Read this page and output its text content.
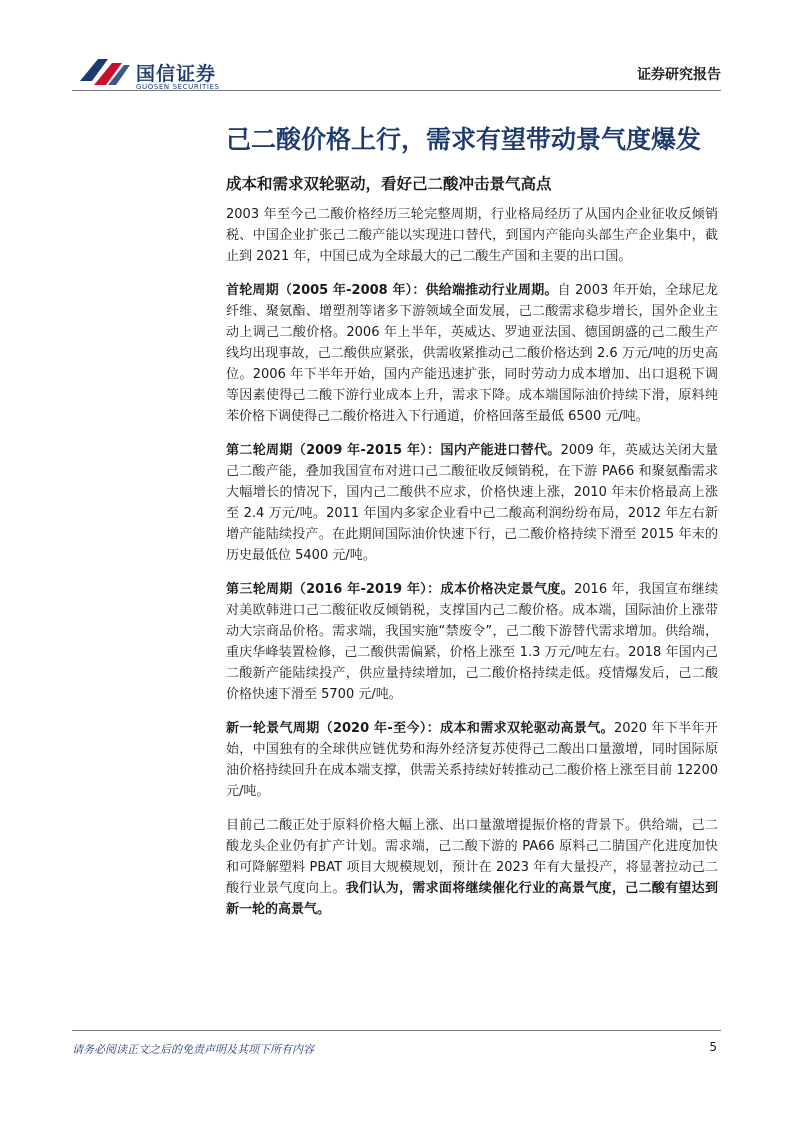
国信证券
GUOSEN SECURITIES
证券研究报告
己二酸价格上行，需求有望带动景气度爆发
成本和需求双轮驱动，看好己二酸冲击景气高点

2003 年至今己二酸价格经历三轮完整周期，行业格局经历了从国内企业征收反倾销税、中国企业扩张己二酸产能以实现进口替代，到国内产能向头部生产企业集中，截止到 2021 年，中国已成为全球最大的己二酸生产国和主要的出口国。

首轮周期（2005 年-2008 年）：供给端推动行业周期。自 2003 年开始，全球尼龙纤维、聚氨酯、增塑剂等诸多下游领域全面发展，己二酸需求稳步增长，国外企业主动上调己二酸价格。2006 年上半年，英威达、罗迪亚法国、德国朗盛的己二酸生产线均出现事故，己二酸供应紧张，供需收紧推动己二酸价格达到 2.6 万元/吨的历史高位。2006 年下半年开始，国内产能迅速扩张，同时劳动力成本增加、出口退税下调等因素使得己二酸下游行业成本上升，需求下降。成本端国际油价持续下滑，原料纯苯价格下调使得己二酸价格进入下行通道，价格回落至最低 6500 元/吨。

第二轮周期（2009 年-2015 年）：国内产能进口替代。2009 年，英威达关闭大量己二酸产能，叠加我国宣布对进口己二酸征收反倾销税，在下游 PA66 和聚氨酯需求大幅增长的情况下，国内己二酸供不应求，价格快速上涨，2010 年末价格最高上涨至 2.4 万元/吨。2011 年国内多家企业看中己二酸高利润纷纷布局，2012 年左右新增产能陆续投产。在此期间国际油价快速下行，己二酸价格持续下滑至 2015 年末的历史最低位 5400 元/吨。

第三轮周期（2016 年-2019 年）：成本价格决定景气度。2016 年，我国宣布继续对美欧韩进口己二酸征收反倾销税，支撑国内己二酸价格。成本端，国际油价上涨带动大宗商品价格。需求端，我国实施“禁废令”，己二酸下游替代需求增加。供给端，重庆华峰装置检修，己二酸供需偏紧，价格上涨至 1.3 万元/吨左右。2018 年国内己二酸新产能陆续投产，供应量持续增加，己二酸价格持续走低。疫情爆发后，己二酸价格快速下滑至 5700 元/吨。

新一轮景气周期（2020 年-至今）：成本和需求双轮驱动高景气。2020 年下半年开始，中国独有的全球供应链优势和海外经济复苏使得己二酸出口量激增，同时国际原油价格持续回升在成本端支撑，供需关系持续好转推动己二酸价格上涨至目前 12200 元/吨。

目前己二酸正处于原料价格大幅上涨、出口量激增提振价格的背景下。供给端，己二酸龙头企业仍有扩产计划。需求端，己二酸下游的 PA66 原料己二腈国产化进度加快和可降解塑料 PBAT 项目大规模规划，预计在 2023 年有大量投产，将显著拉动己二酸行业景气度向上。我们认为，需求面将继续催化行业的高景气度，己二酸有望达到新一轮的高景气。

请务必阅读正文之后的免责声明及其项下所有内容	5
